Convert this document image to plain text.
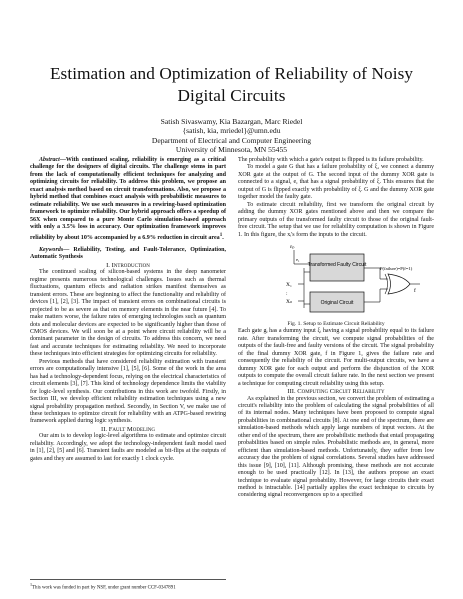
Estimation and Optimization of Reliability of Noisy
Digital Circuits
Satish Sivaswamy, Kia Bazargan, Marc Riedel
{satish, kia, mriedel}@umn.edu
Department of Electrical and Computer Engineering
University of Minnesota, MN 55455

Abstract—With continued scaling, reliability is emerging as a critical challenge for the designers of digital circuits. The challenge stems in part from the lack of computationally efficient techniques for analyzing and optimizing circuits for reliability. To address this problem, we propose an exact analysis method based on circuit transformations. Also, we propose a hybrid method that combines exact analysis with probabilistic measures to estimate reliability. We use such measures in a rewiring-based optimization framework to optimize reliability. Our hybrid approach offers a speedup of 56X when compared to a pure Monte Carlo simulation-based approach with only a 3.5% loss in accuracy. Our optimization framework improves reliability by about 10% accompanied by a 6.9% reduction in circuit area$^1$.

Keywords— Reliability, Testing, and Fault-Tolerance, Optimization, Automatic Synthesis

I. Introduction

The continued scaling of silicon-based systems in the deep nanometer regime presents numerous technological challenges. Issues such as thermal fluctuations, quantum effects and radiation strikes manifest themselves as transient errors. These are beginning to affect the functionality and reliability of devices [1], [2], [3]. The impact of transient errors on combinational circuits is projected to be as severe as that on memory elements in the near future [4]. To make matters worse, the failure rates of emerging technologies such as quantum dots and molecular devices are expected to be significantly higher than those of CMOS devices. We will soon be at a point where circuit reliability will be a dominant parameter in the design of circuits. To address this concern, we need fast and accurate techniques for estimating reliability. We need to incorporate these techniques into efficient strategies for optimizing circuits for reliability.

Previous methods that have considered reliability estimation with transient errors are computationally intensive [1], [5], [6]. Some of the work in the area has had a technology-dependent focus, relying on the electrical characteristics of circuit elements [3], [7]. This kind of technology dependence limits the viability for logic-level synthesis. Our contributions in this work are twofold. Firstly, in Section III, we develop efficient reliability estimation techniques using a new signal probability propagation method. Secondly, in Section V, we make use of these techniques to optimize circuit for reliability with an ATPG-based rewiring framework applied during logic synthesis.

II. Fault Modeling

Our aim is to develop logic-level algorithms to estimate and optimize circuit reliability. Accordingly, we adopt the technology-independent fault model used in [1], [2], [5] and [6]. Transient faults are modeled as bit-flips at the outputs of gates and they are assumed to last for exactly 1 clock cycle.

$^1$This work was funded in part by NSF, under grant number CCF-0347891

The probability with which a gate's output is flipped is its failure probability.

To model a gate G that has a failure probability of ξ, we connect a dummy XOR gate at the output of G. The second input of the dummy XOR gate is connected to a signal, e, that has a signal probability of ξ. This ensures that the output of G is flipped exactly with probability of ξ. G and the dummy XOR gate together model the faulty gate.

To estimate circuit reliability, first we transform the original circuit by adding the dummy XOR gates mentioned above and then we compare the primary outputs of the transformed faulty circuit to those of the original fault-free circuit. The setup that we use for reliability computation is shown in Figure 1. In this figure, the xᵢ's form the inputs to the circuit.

εₚ
e₁
X₁
:
Xₙ
Transformed Faulty Circuit
Original Circuit
f
P(failure)=P(f=1)

Fig. 1. Setup to Estimate Circuit Reliability

Each gate gᵢ has a dummy input ξᵢ having a signal probability equal to its failure rate. After transforming the circuit, we compute signal probabilities of the outputs of the fault-free and faulty versions of the circuit. The signal probability of the final dummy XOR gate, f in Figure 1, gives the failure rate and consequently the reliability of the circuit. For multi-output circuits, we have a dummy XOR gate for each output and perform the disjunction of the XOR outputs to compute the overall circuit failure rate. In the next section we present a technique for computing circuit reliability using this setup.

III. Computing Circuit Reliability

As explained in the previous section, we convert the problem of estimating a circuit's reliability into the problem of calculating the signal probabilities of all of its internal nodes. Many techniques have been proposed to compute signal probabilities in combinational circuits [8]. At one end of the spectrum, there are simulation-based methods which apply large numbers of input vectors. At the other end of the spectrum, there are probabilistic methods that entail propagating probabilities based on simple rules. Probabilistic methods are, in general, more efficient than simulation-based methods. Unfortunately, they suffer from low accuracy due the problem of signal correlations. Several studies have addressed this issue [9], [10], [11]. Although promising, these methods are not accurate enough to be used practically [12]. In [13], the authors propose an exact technique to evaluate signal probability. However, for large circuits their exact method is intractable. [14] partially applies the exact technique to circuits by considering signal reconvergences up to a specified
